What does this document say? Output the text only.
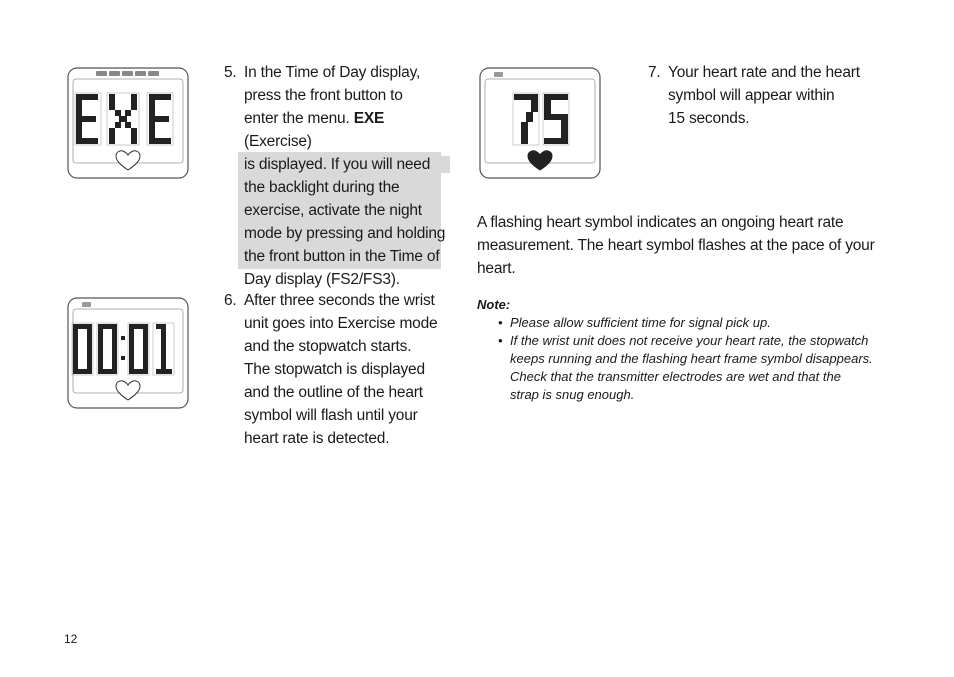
5. In the Time of Day display,
press the front button to
enter the menu. EXE (Exercise)
is displayed. If you will need
the backlight during the
exercise, activate the night
mode by pressing and holding
the front button in the Time of
Day display (FS2/FS3).
6. After three seconds the wrist
unit goes into Exercise mode
and the stopwatch starts.
The stopwatch is displayed
and the outline of the heart
symbol will flash until your
heart rate is detected.
7. Your heart rate and the heart
symbol will appear within
15 seconds.
A flashing heart symbol indicates an ongoing heart rate
measurement. The heart symbol flashes at the pace of your
heart.
Note:
• Please allow sufficient time for signal pick up.
• If the wrist unit does not receive your heart rate, the stopwatch
keeps running and the flashing heart frame symbol disappears.
Check that the transmitter electrodes are wet and that the
strap is snug enough.
12
